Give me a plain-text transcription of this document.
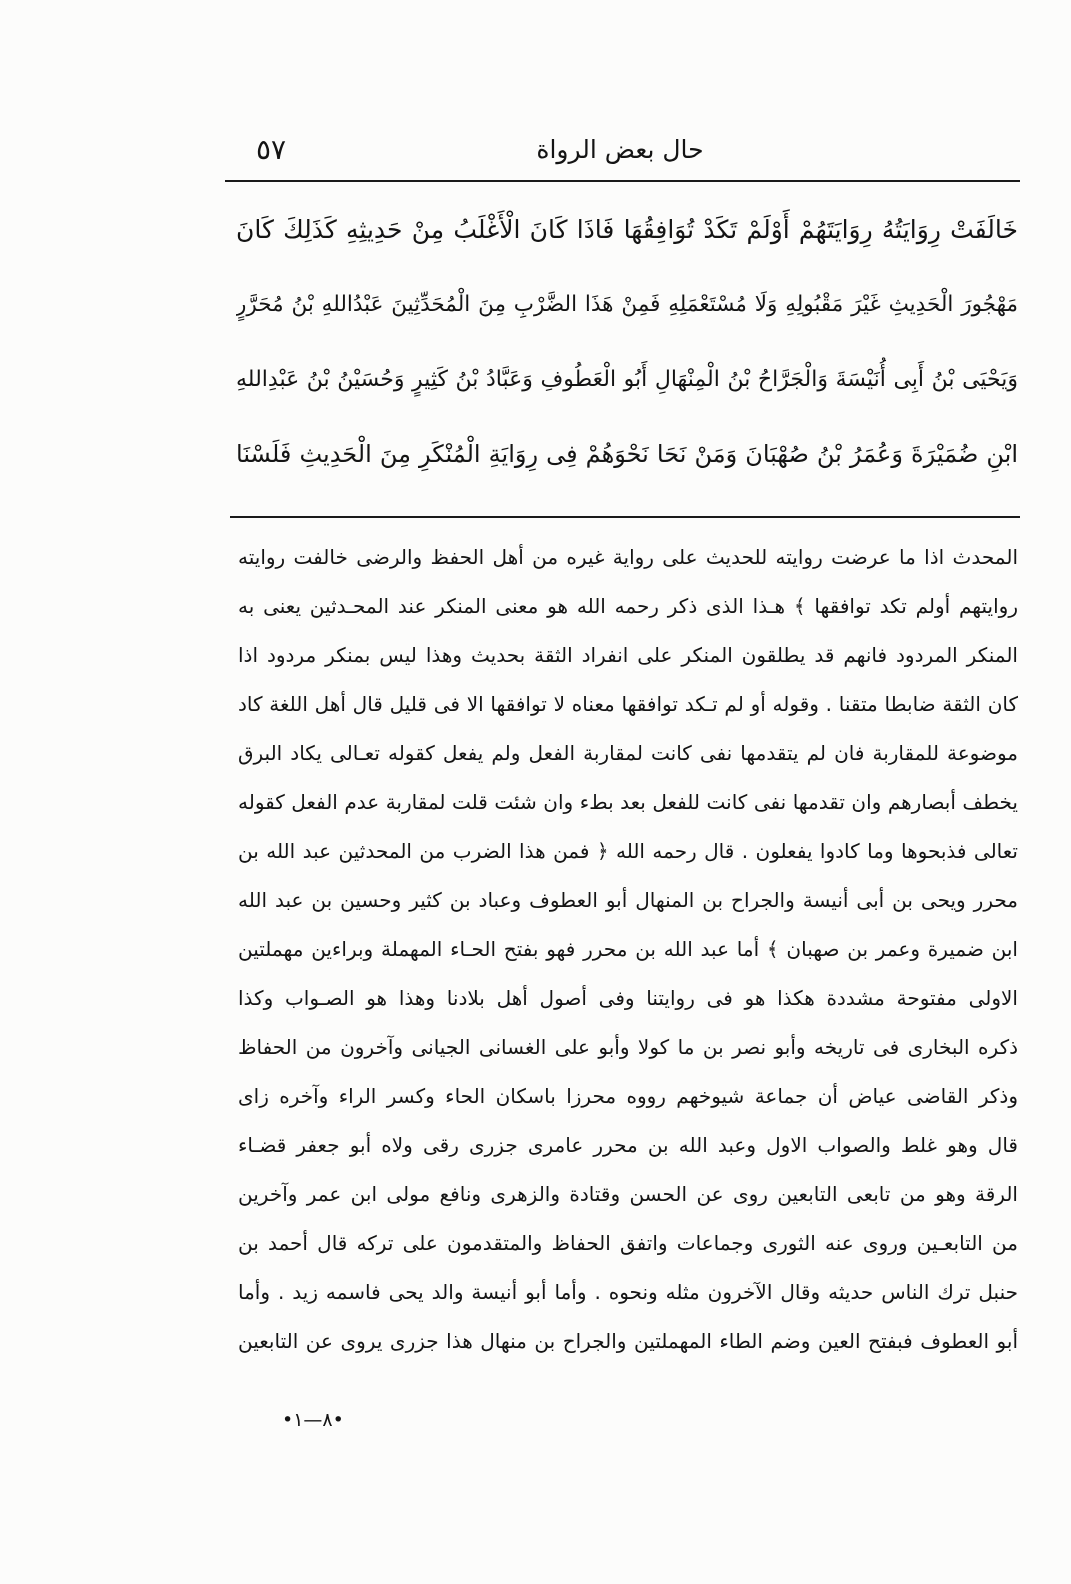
٥٧	حال بعض الرواة
خَالَفَتْ رِوَايَتُهُ رِوَايَتَهُمْ أَوْلَمْ تَكَدْ تُوَافِقُهَا فَاذَا كَانَ الْأَغْلَبُ مِنْ حَدِيثِهِ كَذَلِكَ كَانَ
مَهْجُورَ الْحَدِيثِ غَيْرَ مَقْبُولِهِ وَلَا مُسْتَعْمَلِهِ فَمِنْ هَذَا الضَّرْبِ مِنَ الْمُحَدِّثِينَ عَبْدُاللهِ بْنُ مُحَرَّرٍ
وَيَحْيَى بْنُ أَبِى أُنَيْسَةَ وَالْجَرَّاحُ بْنُ الْمِنْهَالِ أَبُو الْعَطُوفِ وَعَبَّادُ بْنُ كَثِيرٍ وَحُسَيْنُ بْنُ عَبْدِاللهِ
ابْنِ ضُمَيْرَةَ وَعُمَرُ بْنُ صُهْبَانَ وَمَنْ نَحَا نَحْوَهُمْ فِى رِوَايَةِ الْمُنْكَرِ مِنَ الْحَدِيثِ فَلَسْنَا
المحدث اذا ما عرضت روايته للحديث على رواية غيره من أهل الحفظ والرضى خالفت روايته
روايتهم أولم تكد توافقها ﴾ هـذا الذى ذكر رحمه الله هو معنى المنكر عند المحـدثين يعنى به
المنكر المردود فانهم قد يطلقون المنكر على انفراد الثقة بحديث وهذا ليس بمنكر مردود اذا
كان الثقة ضابطا متقنا . وقوله أو لم تـكد توافقها معناه لا توافقها الا فى قليل قال أهل اللغة كاد
موضوعة للمقاربة فان لم يتقدمها نفى كانت لمقاربة الفعل ولم يفعل كقوله تعـالى يكاد البرق
يخطف أبصارهم وان تقدمها نفى كانت للفعل بعد بطء وان شئت قلت لمقاربة عدم الفعل كقوله
تعالى فذبحوها وما كادوا يفعلون . قال رحمه الله ﴿ فمن هذا الضرب من المحدثين عبد الله بن
محرر ويحى بن أبى أنيسة والجراح بن المنهال أبو العطوف وعباد بن كثير وحسين بن عبد الله
ابن ضميرة وعمر بن صهبان ﴾ أما عبد الله بن محرر فهو بفتح الحـاء المهملة وبراءين مهملتين
الاولى مفتوحة مشددة هكذا هو فى روايتنا وفى أصول أهل بلادنا وهذا هو الصـواب وكذا
ذكره البخارى فى تاريخه وأبو نصر بن ما كولا وأبو على الغسانى الجيانى وآخرون من الحفاظ
وذكر القاضى عياض أن جماعة شيوخهم رووه محرزا باسكان الحاء وكسر الراء وآخره زاى
قال وهو غلط والصواب الاول وعبد الله بن محرر عامرى جزرى رقى ولاه أبو جعفر قضـاء
الرقة وهو من تابعى التابعين روى عن الحسن وقتادة والزهرى ونافع مولى ابن عمر وآخرين
من التابعـين وروى عنه الثورى وجماعات واتفق الحفاظ والمتقدمون على تركه قال أحمد بن
حنبل ترك الناس حديثه وقال الآخرون مثله ونحوه . وأما أبو أنيسة والد يحى فاسمه زيد . وأما
أبو العطوف فبفتح العين وضم الطاء المهملتين والجراح بن منهال هذا جزرى يروى عن التابعين
•١—٨•
